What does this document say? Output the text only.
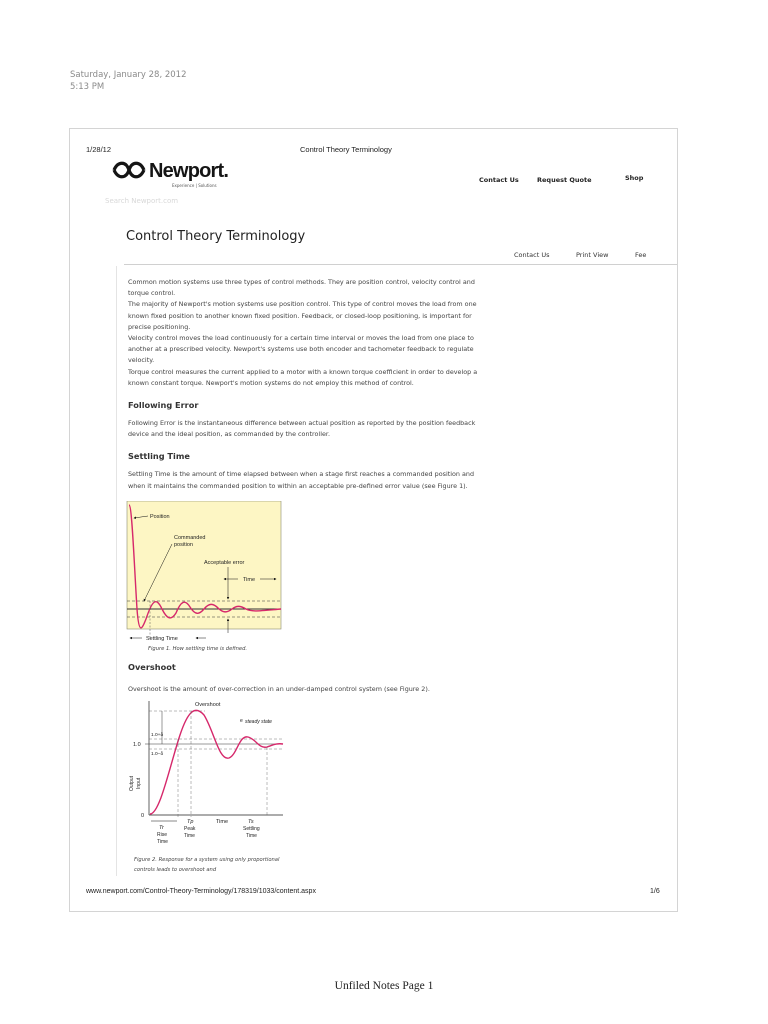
Saturday, January 28, 2012
5:13 PM
1/28/12	Control Theory Terminology
Newport.
Experience | Solutions
Contact Us	Request Quote	Shop
Search Newport.com
Control Theory Terminology
Contact Us	Print View	Fee

Common motion systems use three types of control methods. They are position control, velocity control and torque control.

The majority of Newport's motion systems use position control. This type of control moves the load from one known fixed position to another known fixed position. Feedback, or closed-loop positioning, is important for precise positioning.

Velocity control moves the load continuously for a certain time interval or moves the load from one place to another at a prescribed velocity. Newport's systems use both encoder and tachometer feedback to regulate velocity.

Torque control measures the current applied to a motor with a known torque coefficient in order to develop a known constant torque. Newport's motion systems do not employ this method of control.

Following Error

Following Error is the instantaneous difference between actual position as reported by the position feedback device and the ideal position, as commanded by the controller.

Settling Time

Settling Time is the amount of time elapsed between when a stage first reaches a commanded position and when it maintains the commanded position to within an acceptable pre-defined error value (see Figure 1).

Position
Commanded
position
Acceptable error
Time
Settling Time
Figure 1. How settling time is defined.
Overshoot
Overshoot is the amount of over-correction in an under-damped control system (see Figure 2).
Overshoot
e steady state
1.0+δ
1.0−δ
1.0
0
Output Input
Tr
Rise
Time
Tp
Peak
Time
Time	Ts
Settling
Time
Figure 2. Response for a system using only proportional controls leads to overshoot and
www.newport.com/Control-Theory-Terminology/178319/1033/content.aspx	1/6
Unfiled Notes Page 1
